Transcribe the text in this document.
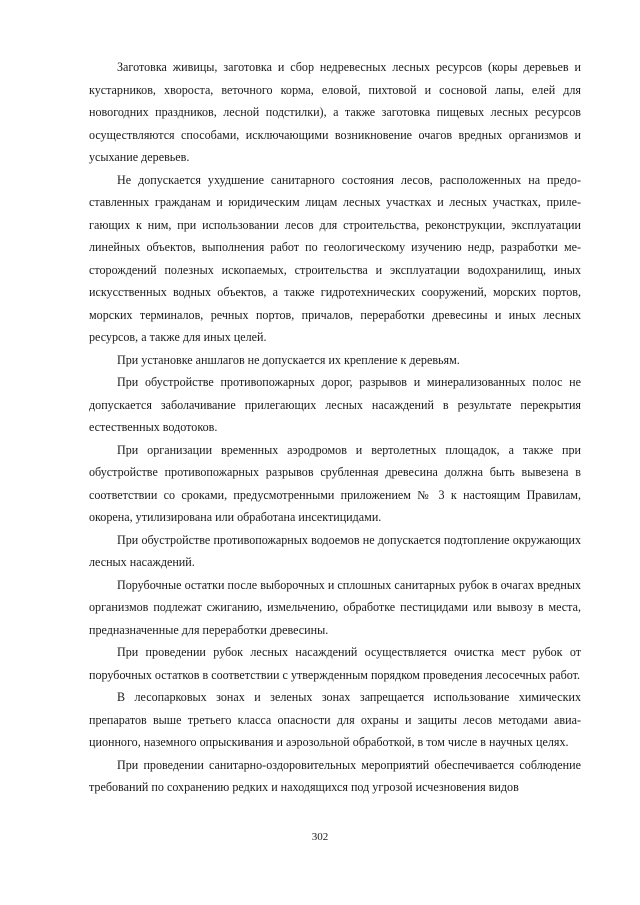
Заготовка живицы, заготовка и сбор недревесных лесных ресурсов (коры деревьев и кустарников, хвороста, веточного корма, еловой, пихтовой и сосновой лапы, елей для новогодних праздников, лесной подстилки), а также заготовка пищевых лесных ресурсов осуществляются способами, исключающими возникновение очагов вредных организмов и усыхание деревьев.

Не допускается ухудшение санитарного состояния лесов, расположенных на предоставленных гражданам и юридическим лицам лесных участках и лесных участках, прилегающих к ним, при использовании лесов для строительства, реконструкции, эксплуатации линейных объектов, выполнения работ по геологическому изучению недр, разработки месторождений полезных ископаемых, строительства и эксплуатации водохранилищ, иных искусственных водных объектов, а также гидротехнических сооружений, морских портов, морских терминалов, речных портов, причалов, переработки древесины и иных лесных ресурсов, а также для иных целей.

При установке аншлагов не допускается их крепление к деревьям.

При обустройстве противопожарных дорог, разрывов и минерализованных полос не допускается заболачивание прилегающих лесных насаждений в результате перекрытия естественных водотоков.

При организации временных аэродромов и вертолетных площадок, а также при обустройстве противопожарных разрывов срубленная древесина должна быть вывезена в соответствии со сроками, предусмотренными приложением № 3 к настоящим Правилам, окорена, утилизирована или обработана инсектицидами.

При обустройстве противопожарных водоемов не допускается подтопление окружающих лесных насаждений.

Порубочные остатки после выборочных и сплошных санитарных рубок в очагах вредных организмов подлежат сжиганию, измельчению, обработке пестицидами или вывозу в места, предназначенные для переработки древесины.

При проведении рубок лесных насаждений осуществляется очистка мест рубок от порубочных остатков в соответствии с утвержденным порядком проведения лесосечных работ.

В лесопарковых зонах и зеленых зонах запрещается использование химических препаратов выше третьего класса опасности для охраны и защиты лесов методами авиационного, наземного опрыскивания и аэрозольной обработкой, в том числе в научных целях.

При проведении санитарно-оздоровительных мероприятий обеспечивается соблюдение требований по сохранению редких и находящихся под угрозой исчезновения видов

302
